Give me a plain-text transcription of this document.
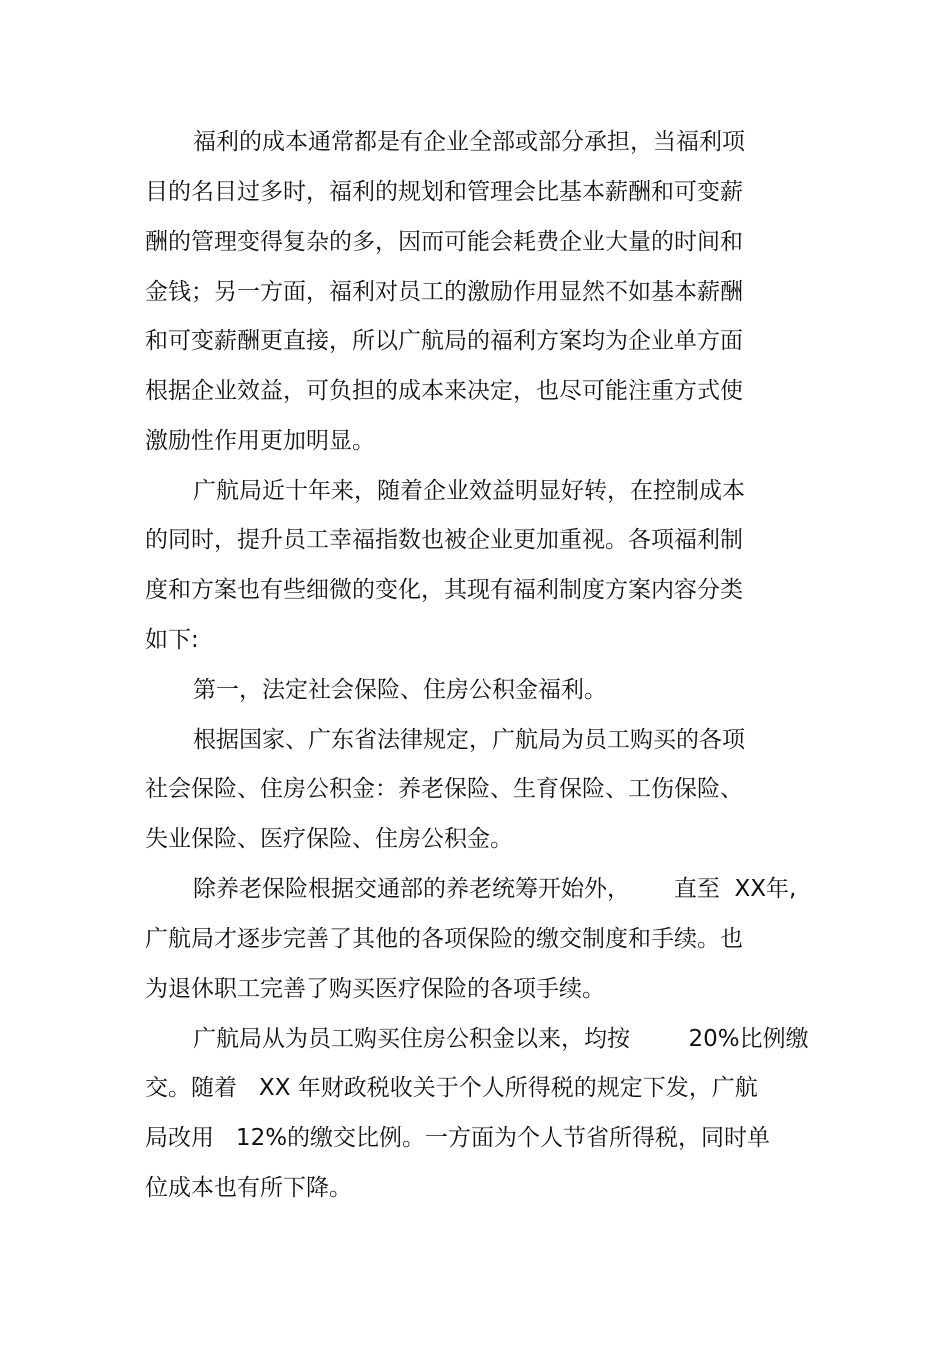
福利的成本通常都是有企业全部或部分承担，当福利项
目的名目过多时，福利的规划和管理会比基本薪酬和可变薪
酬的管理变得复杂的多，因而可能会耗费企业大量的时间和
金钱；另一方面，福利对员工的激励作用显然不如基本薪酬
和可变薪酬更直接，所以广航局的福利方案均为企业单方面
根据企业效益，可负担的成本来决定，也尽可能注重方式使
激励性作用更加明显。
广航局近十年来，随着企业效益明显好转，在控制成本
的同时，提升员工幸福指数也被企业更加重视。各项福利制
度和方案也有些细微的变化，其现有福利制度方案内容分类
如下:
第一，法定社会保险、住房公积金福利。
根据国家、广东省法律规定，广航局为员工购买的各项
社会保险、住房公积金：养老保险、生育保险、工伤保险、
失业保险、医疗保险、住房公积金。
除养老保险根据交通部的养老统筹开始外，      直至  XX年,
广航局才逐步完善了其他的各项保险的缴交制度和手续。也
为退休职工完善了购买医疗保险的各项手续。
广航局从为员工购买住房公积金以来，均按        20%比例缴
交。随着   XX 年财政税收关于个人所得税的规定下发，广航
局改用   12%的缴交比例。一方面为个人节省所得税，同时单
位成本也有所下降。
